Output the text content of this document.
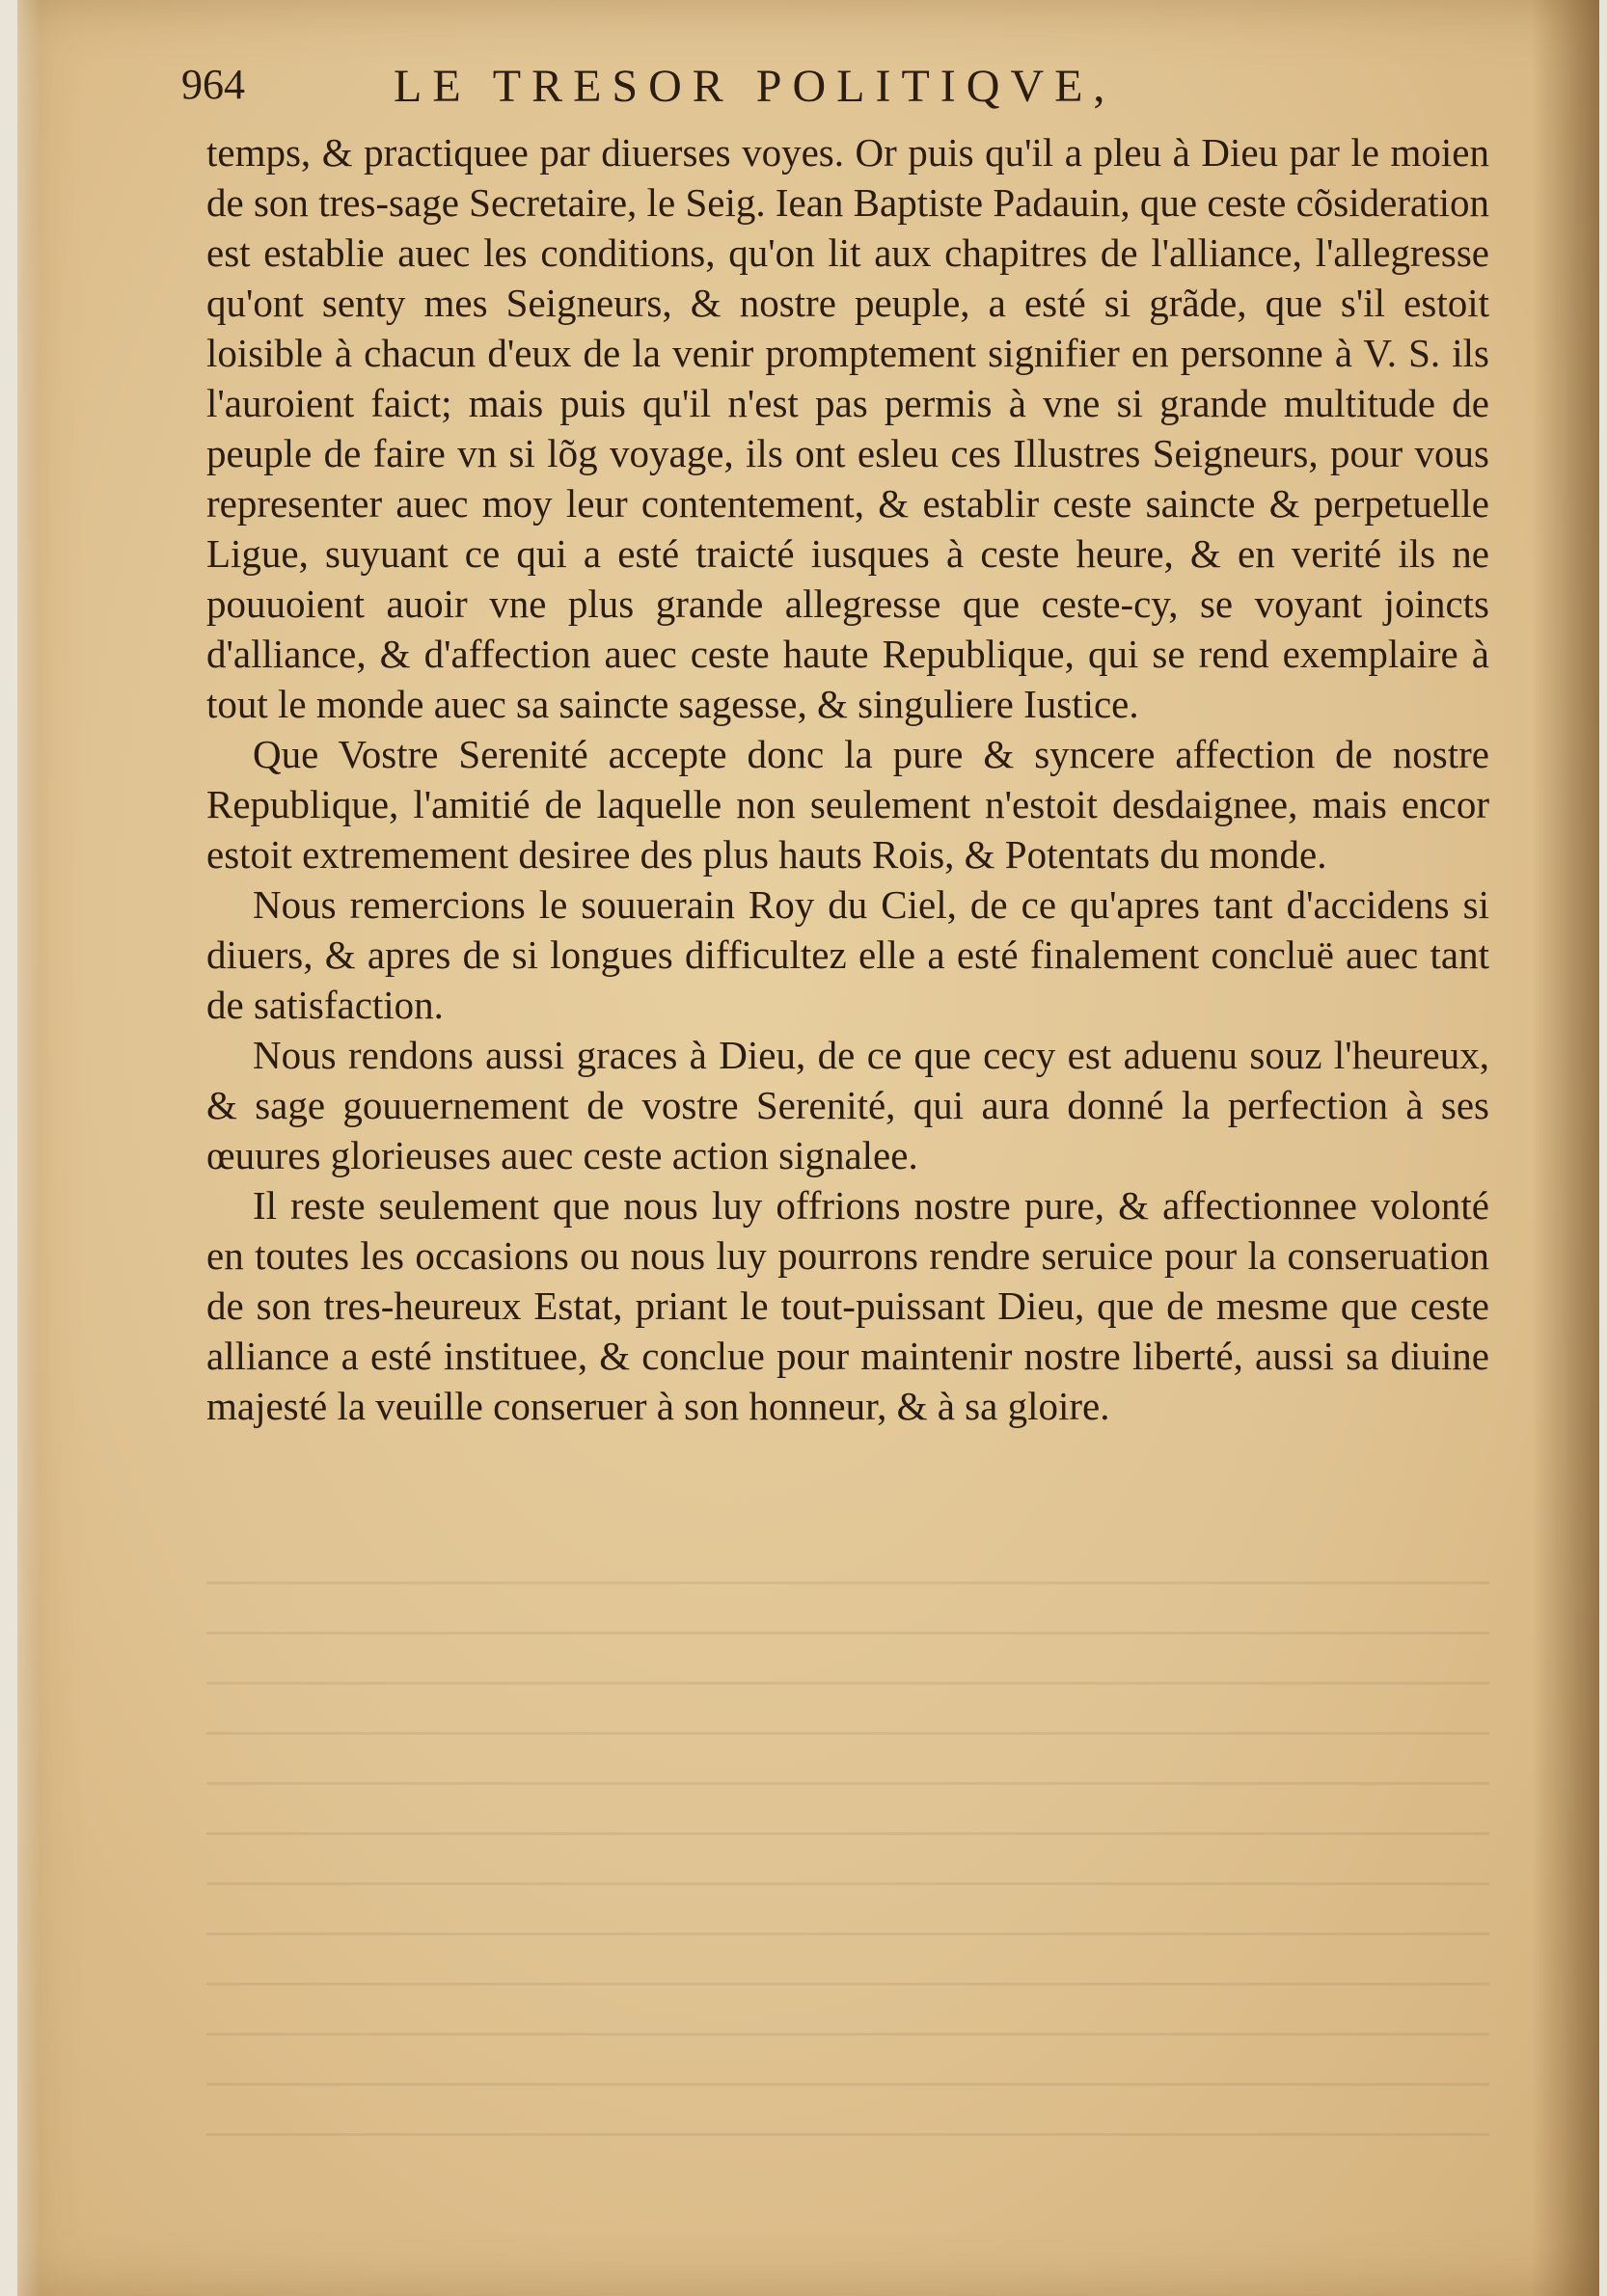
964	LE TRESOR POLITIQVE,

temps, & practiquee par diuerses voyes. Or puis qu'il a pleu à Dieu par le moien de son tres-sage Secretaire, le Seig. Iean Baptiste Padauin, que ceste cõsideration est establie auec les conditions, qu'on lit aux chapitres de l'alliance, l'allegresse qu'ont senty mes Seigneurs, & nostre peuple, a esté si grãde, que s'il estoit loisible à chacun d'eux de la venir promptement signifier en personne à V. S. ils l'auroient faict; mais puis qu'il n'est pas permis à vne si grande multitude de peuple de faire vn si lõg voyage, ils ont esleu ces Illustres Seigneurs, pour vous representer auec moy leur contentement, & establir ceste saincte & perpetuelle Ligue, suyuant ce qui a esté traicté iusques à ceste heure, & en verité ils ne pouuoient auoir vne plus grande allegresse que ceste-cy, se voyant joincts d'alliance, & d'affection auec ceste haute Republique, qui se rend exemplaire à tout le monde auec sa saincte sagesse, & singuliere Iustice.

Que Vostre Serenité accepte donc la pure & syncere affection de nostre Republique, l'amitié de laquelle non seulement n'estoit desdaignee, mais encor estoit extremement desiree des plus hauts Rois, & Potentats du monde.

Nous remercions le souuerain Roy du Ciel, de ce qu'apres tant d'accidens si diuers, & apres de si longues difficultez elle a esté finalement concluë auec tant de satisfaction.

Nous rendons aussi graces à Dieu, de ce que cecy est aduenu souz l'heureux, & sage gouuernement de vostre Serenité, qui aura donné la perfection à ses œuures glorieuses auec ceste action signalee.

Il reste seulement que nous luy offrions nostre pure, & affectionnee volonté en toutes les occasions ou nous luy pourrons rendre seruice pour la conseruation de son tres-heureux Estat, priant le tout-puissant Dieu, que de mesme que ceste alliance a esté instituee, & conclue pour maintenir nostre liberté, aussi sa diuine majesté la veuille conseruer à son honneur, & à sa gloire.
